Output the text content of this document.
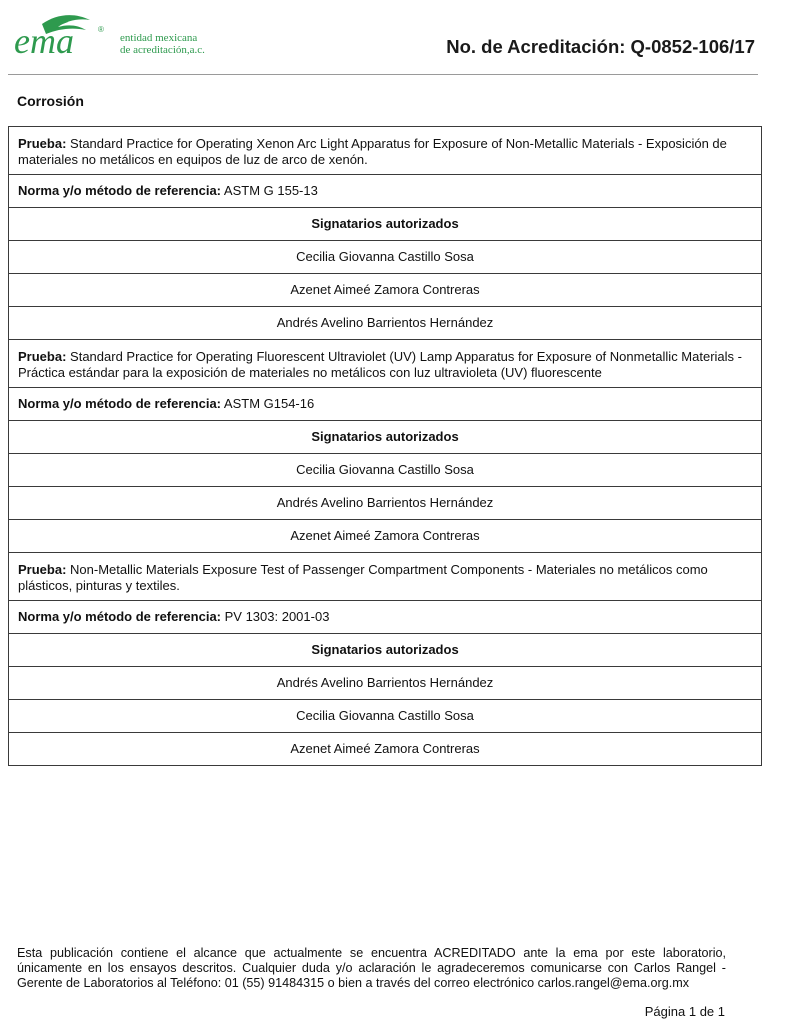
ema	®
entidad mexicana
de acreditación,a.c.	No. de Acreditación: Q-0852-106/17
Corrosión
Prueba: Standard Practice for Operating Xenon Arc Light Apparatus for Exposure of Non-Metallic Materials - Exposición de materiales no metálicos en equipos de luz de arco de xenón.
Norma y/o método de referencia: ASTM G 155-13
Signatarios autorizados
Cecilia Giovanna Castillo Sosa
Azenet Aimeé Zamora Contreras
Andrés Avelino Barrientos Hernández
Prueba: Standard Practice for Operating Fluorescent Ultraviolet (UV) Lamp Apparatus for Exposure of Nonmetallic Materials -Práctica estándar para la exposición de materiales no metálicos con luz ultravioleta (UV) fluorescente
Norma y/o método de referencia: ASTM G154-16
Signatarios autorizados
Cecilia Giovanna Castillo Sosa
Andrés Avelino Barrientos Hernández
Azenet Aimeé Zamora Contreras
Prueba: Non-Metallic Materials Exposure Test of Passenger Compartment Components - Materiales no metálicos como plásticos, pinturas y textiles.
Norma y/o método de referencia: PV 1303: 2001-03
Signatarios autorizados
Andrés Avelino Barrientos Hernández
Cecilia Giovanna Castillo Sosa
Azenet Aimeé Zamora Contreras
Esta publicación contiene el alcance que actualmente se encuentra ACREDITADO ante la ema por este laboratorio, únicamente en los ensayos descritos. Cualquier duda y/o aclaración le agradeceremos comunicarse con Carlos Rangel - Gerente de Laboratorios al Teléfono: 01 (55) 91484315 o bien a través del correo electrónico carlos.rangel@ema.org.mx
Página 1 de 1
